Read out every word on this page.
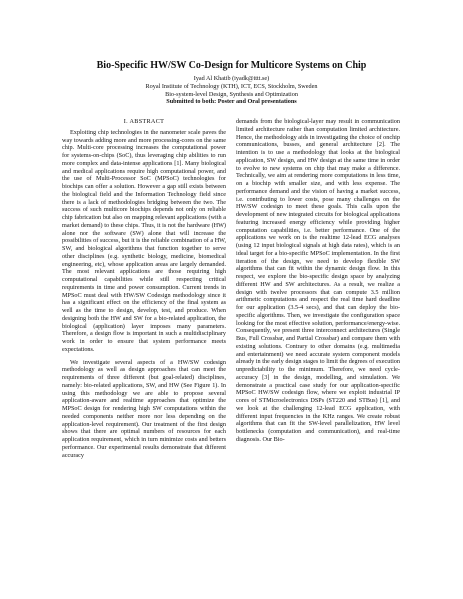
Bio-Specific HW/SW Co-Design for Multicore Systems on Chip
Iyad Al Khatib (iyadk@ittt.se)
Royal Institute of Technology (KTH), ICT, ECS, Stockholm, Sweden
Bio-system-level Design, Synthesis and Optimization
Submitted to both: Poster and Oral presentations
I. ABSTRACT

Exploiting chip technologies in the nanometer scale paves the way towards adding more and more processing-cores on the same chip. Multi-core processing increases the computational power for systems-on-chips (SoC), thus leveraging chip abilities to run more complex and data-intense applications [1]. Many biological and medical applications require high computational power, and the use of Multi-Processor SoC (MPSoC) technologies for biochips can offer a solution. However a gap still exists between the biological field and the Information Technology field since there is a lack of methodologies bridging between the two. The success of such multicore biochips depends not only on reliable chip fabrication but also on mapping relevant applications (with a market demand) to these chips. Thus, it is not the hardware (HW) alone nor the software (SW) alone that will increase the possibilities of success, but it is the reliable combination of a HW, SW, and biological algorithms that function together to serve other disciplines (e.g. synthetic biology, medicine, biomedical engineering, etc), whose application areas are largely demanded. The most relevant applications are those requiring high computational capabilities while still respecting critical requirements in time and power consumption. Current trends in MPSoC must deal with HW/SW Codesign methodology since it has a significant effect on the efficiency of the final system as well as the time to design, develop, test, and produce. When designing both the HW and SW for a bio-related application, the biological (application) layer imposes many parameters. Therefore, a design flow is important in such a multidisciplinary work in order to ensure that system performance meets expectations.

We investigate several aspects of a HW/SW codesign methodology as well as design approaches that can meet the requirements of three different (but goal-related) disciplines, namely: bio-related applications, SW, and HW (See Figure 1). In using this methodology we are able to propose several application-aware and realtime approaches that optimize the MPSoC design for rendering high SW computations within the needed components neither more nor less depending on the application-level requirement). Our treatment of the first design shows that there are optimal numbers of resources for each application requirement, which in turn minimize costs and betters performance. Our experimental results demonstrate that different accuracy

demands from the biological-layer may result in communication limited architecture rather than computation limited architecture. Hence, the methodology aids in investigating the choice of onchip communications, busses, and general architecture [2]. The intention is to use a methodology that looks at the biological application, SW design, and HW design at the same time in order to evolve to new systems on chip that may make a difference. Technically, we aim at rendering more computations in less time, on a biochip with smaller size, and with less expense. The performance demand and the vision of having a market success, i.e. contributing to lower costs, pose many challenges on the HW/SW codesign to meet these goals. This calls upon the development of new integrated circuits for biological applications featuring increased energy efficiency while providing higher computation capabilities, i.e. better performance. One of the applications we work on is the realtime 12-lead ECG analyses (using 12 input biological signals at high data rates), which is an ideal target for a bio-specific MPSoC implementation. In the first iteration of the design, we need to develop flexible SW algorithms that can fit within the dynamic design flow. In this respect, we explore the bio-specific design space by analyzing different HW and SW architectures. As a result, we realize a design with twelve processors that can compute 3.5 million arithmetic computations and respect the real time hard deadline for our application (3.5-4 secs), and that can deploy the bio-specific algorithms. Then, we investigate the configuration space looking for the most effective solution, performance/energy-wise. Consequently, we present three interconnect architectures (Single Bus, Full Crossbar, and Partial Crossbar) and compare them with existing solutions. Contrary to other domains (e.g. multimedia and entertainment) we need accurate system component models already in the early design stages to limit the degrees of execution unpredictability to the minimum. Therefore, we need cycle-accuracy [3] in the design, modelling, and simulation. We demonstrate a practical case study for our application-specific MPSoC HW/SW codesign flow, where we exploit industrial IP cores of STMicroelectronics DSPs (ST220 and STBus) [1], and we look at the challenging 12-lead ECG application, with different input frequencies in the KHz ranges. We create robust algorithms that can fit the SW-level parallelization, HW level bottlenecks (computation and communication), and real-time diagnosis. Our Bio-
